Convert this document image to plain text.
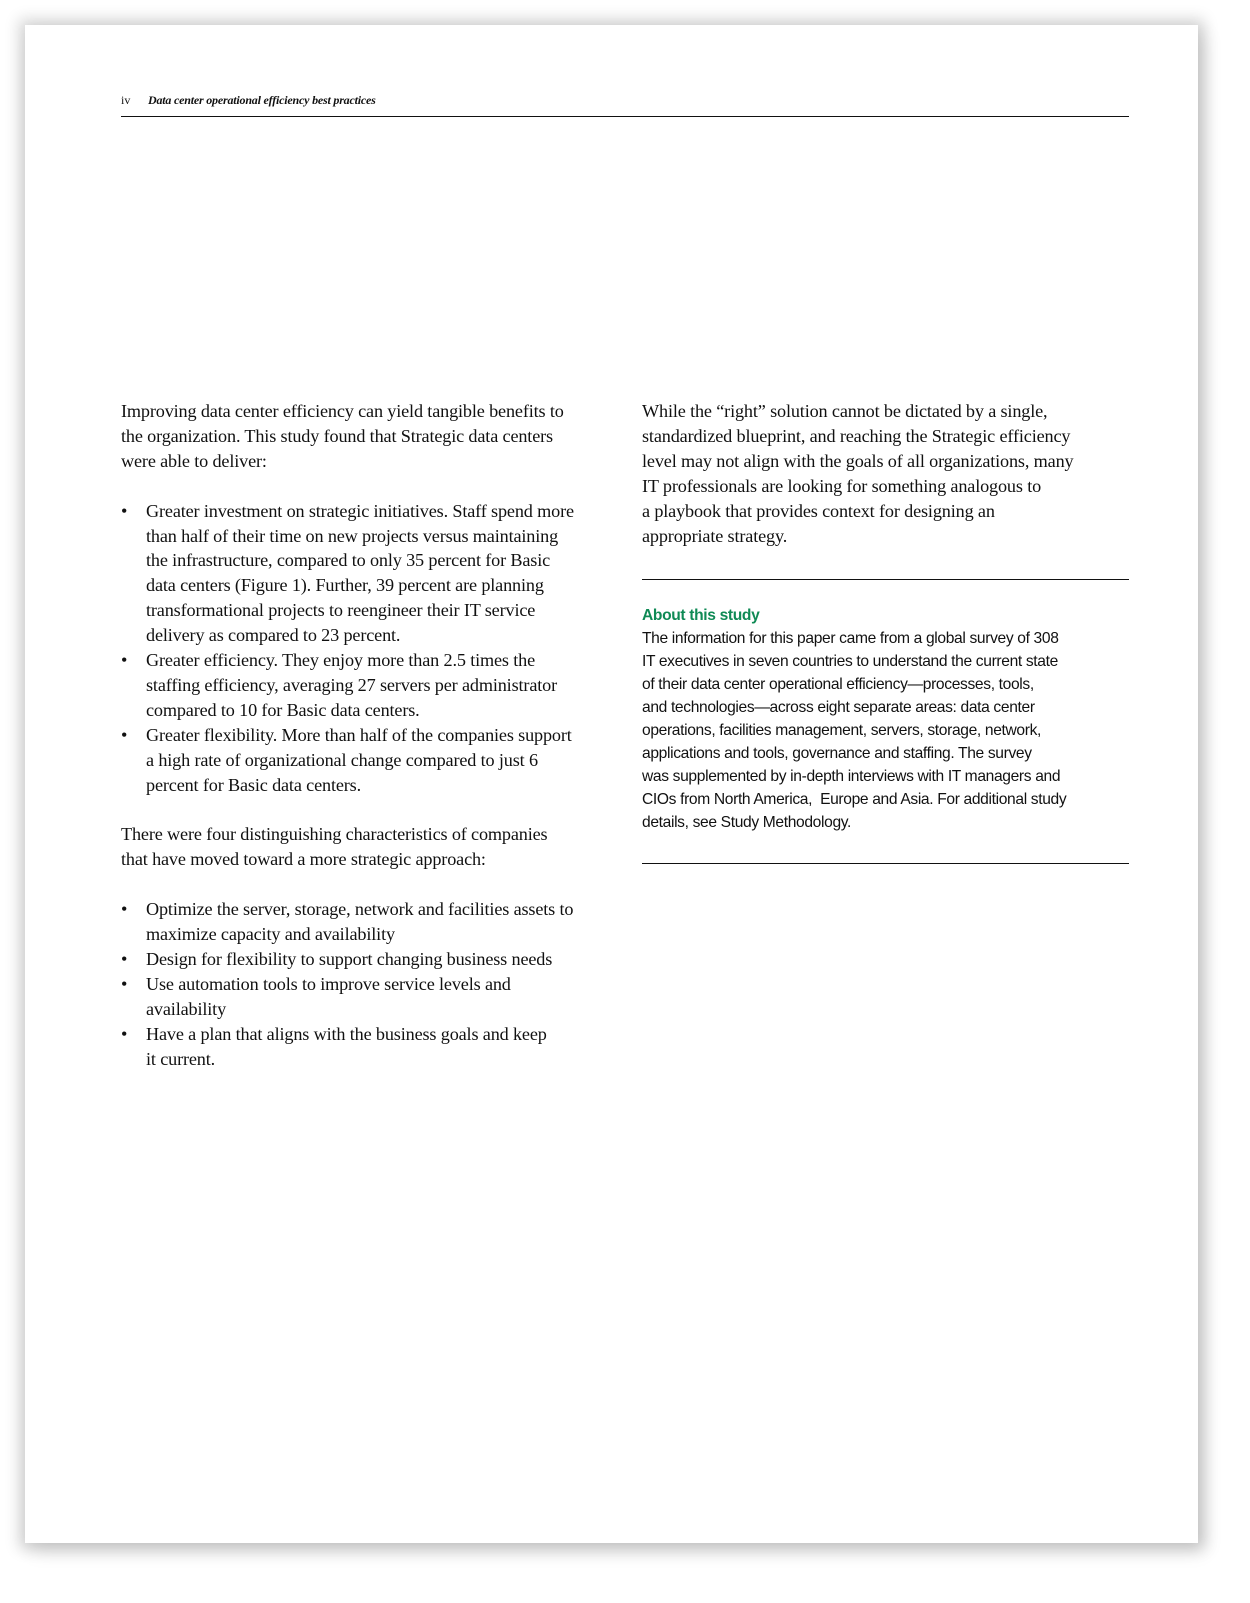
iv Data center operational efficiency best practices

Improving data center efficiency can yield tangible benefits to
the organization. This study found that Strategic data centers
were able to deliver:

•	Greater investment on strategic initiatives. Staff spend more
than half of their time on new projects versus maintaining
the infrastructure, compared to only 35 percent for Basic
data centers (Figure 1). Further, 39 percent are planning
transformational projects to reengineer their IT service
delivery as compared to 23 percent.
•	Greater efficiency. They enjoy more than 2.5 times the
staffing efficiency, averaging 27 servers per administrator
compared to 10 for Basic data centers.
•	Greater flexibility. More than half of the companies support
a high rate of organizational change compared to just 6
percent for Basic data centers.

There were four distinguishing characteristics of companies
that have moved toward a more strategic approach:

•	Optimize the server, storage, network and facilities assets to
maximize capacity and availability
•	Design for flexibility to support changing business needs
•	Use automation tools to improve service levels and
availability
•	Have a plan that aligns with the business goals and keep
it current.

While the “right” solution cannot be dictated by a single,
standardized blueprint, and reaching the Strategic efficiency
level may not align with the goals of all organizations, many
IT professionals are looking for something analogous to
a playbook that provides context for designing an
appropriate strategy.

About this study
The information for this paper came from a global survey of 308
IT executives in seven countries to understand the current state
of their data center operational efficiency—processes, tools,
and technologies—across eight separate areas: data center
operations, facilities management, servers, storage, network,
applications and tools, governance and staffing. The survey
was supplemented by in-depth interviews with IT managers and
CIOs from North America,  Europe and Asia. For additional study
details, see Study Methodology.
